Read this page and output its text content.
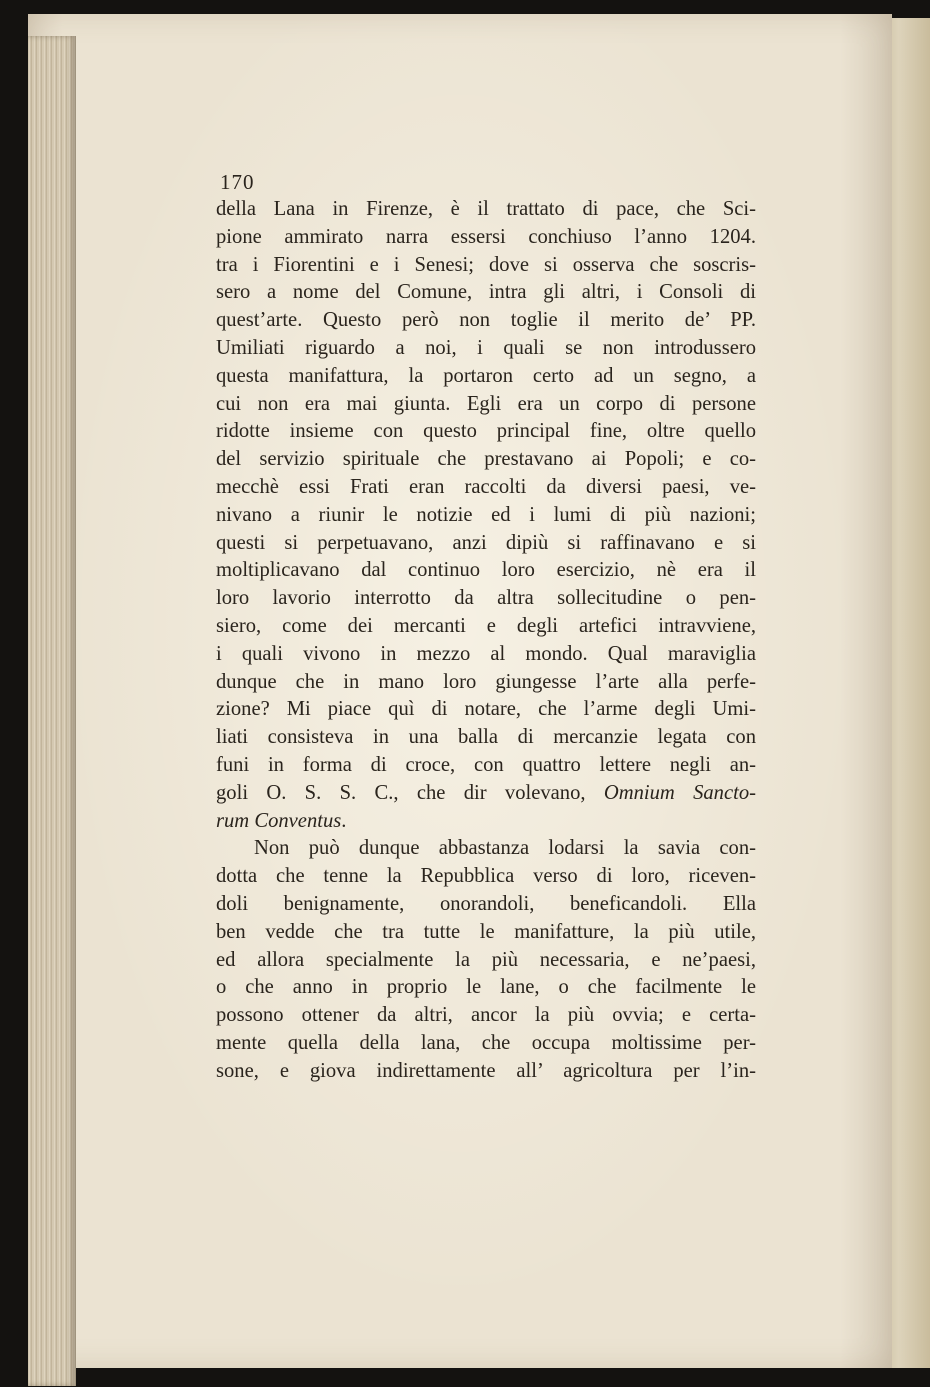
170
della Lana in Firenze, è il trattato di pace, che Sci-
pione ammirato narra essersi conchiuso l’anno 1204.
tra i Fiorentini e i Senesi; dove si osserva che soscris-
sero a nome del Comune, intra gli altri, i Consoli di
quest’arte. Questo però non toglie il merito de’ PP.
Umiliati riguardo a noi, i quali se non introdussero
questa manifattura, la portaron certo ad un segno, a
cui non era mai giunta. Egli era un corpo di persone
ridotte insieme con questo principal fine, oltre quello
del servizio spirituale che prestavano ai Popoli; e co-
mecchè essi Frati eran raccolti da diversi paesi, ve-
nivano a riunir le notizie ed i lumi di più nazioni;
questi si perpetuavano, anzi dipiù si raffinavano e si
moltiplicavano dal continuo loro esercizio, nè era il
loro lavorio interrotto da altra sollecitudine o pen-
siero, come dei mercanti e degli artefici intravviene,
i quali vivono in mezzo al mondo. Qual maraviglia
dunque che in mano loro giungesse l’arte alla perfe-
zione? Mi piace quì di notare, che l’arme degli Umi-
liati consisteva in una balla di mercanzie legata con
funi in forma di croce, con quattro lettere negli an-
goli O. S. S. C., che dir volevano, Omnium Sancto-
rum Conventus.
Non può dunque abbastanza lodarsi la savia con-
dotta che tenne la Repubblica verso di loro, riceven-
doli benignamente, onorandoli, beneficandoli. Ella
ben vedde che tra tutte le manifatture, la più utile,
ed allora specialmente la più necessaria, e ne’paesi,
o che anno in proprio le lane, o che facilmente le
possono ottener da altri, ancor la più ovvia; e certa-
mente quella della lana, che occupa moltissime per-
sone, e giova indirettamente all’ agricoltura per l’in-
